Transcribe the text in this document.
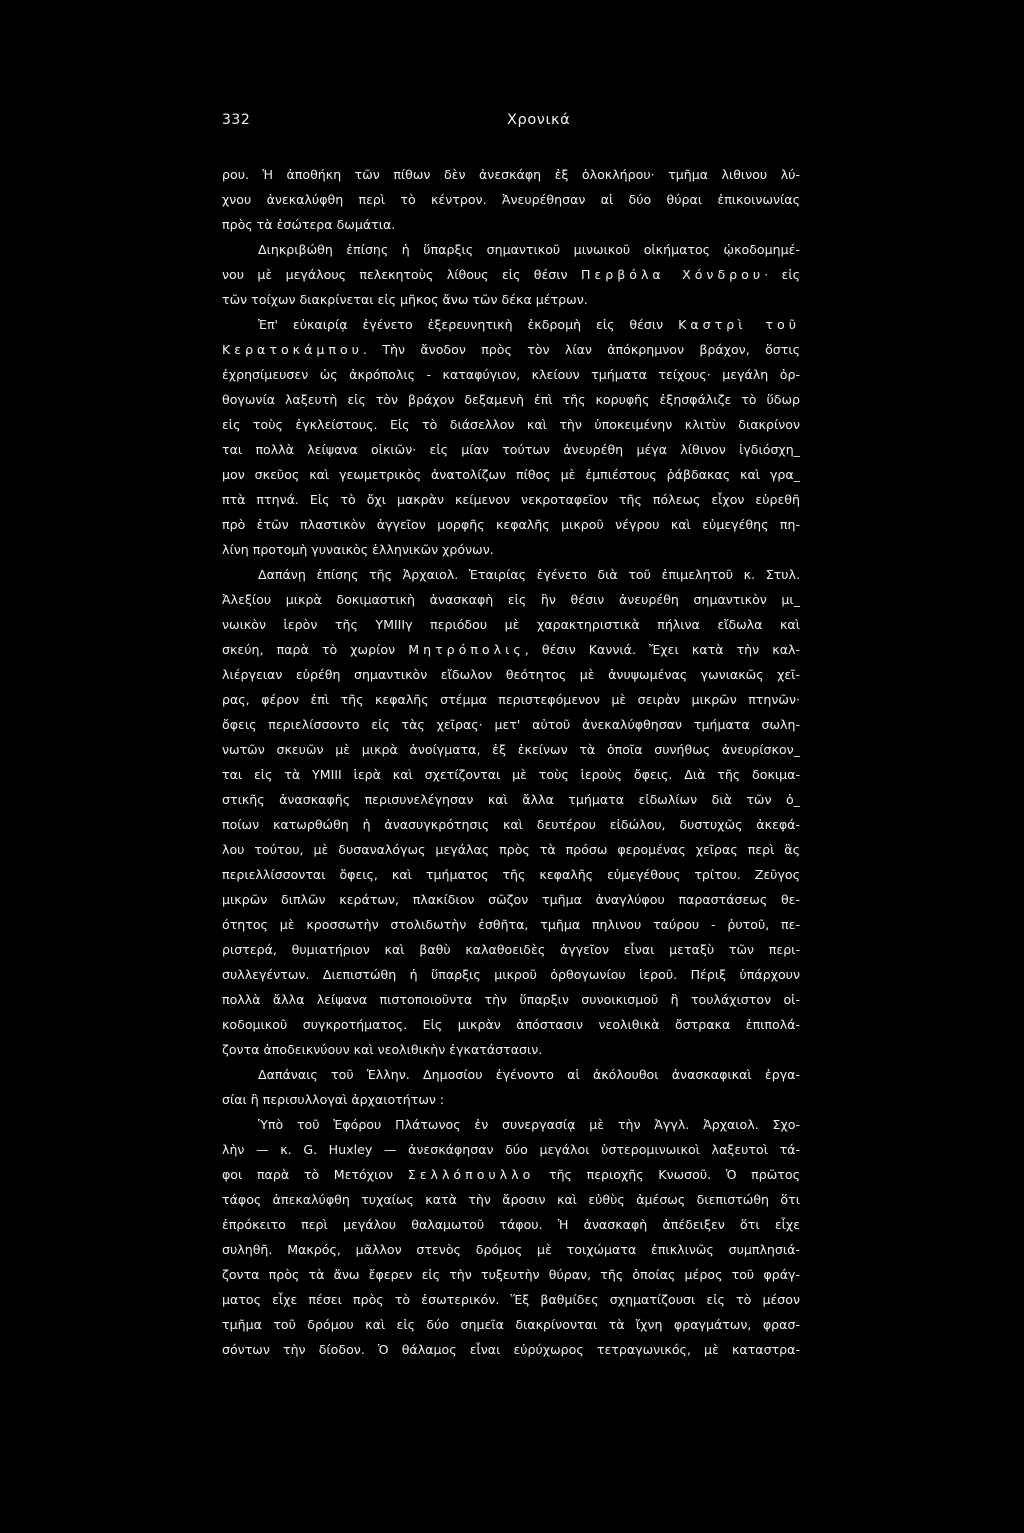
332	Χρονικά
ρου. Ἡ ἀποθήκη τῶν πίθων δὲν ἀνεσκάφη ἐξ ὁλοκλήρου· τμῆμα λιθινου λύ-
χνου ἀνεκαλύφθη περὶ τὸ κέντρον. Ἀνευρέθησαν αἱ δύο θύραι ἐπικοινωνίας
πρὸς τὰ ἐσώτερα δωμάτια.
Διηκριβώθη ἐπίσης ἡ ὕπαρξις σημαντικοῦ μινωικοῦ οἰκήματος ᾠκοδομημέ-
νου μὲ μεγάλους πελεκητοὺς λίθους εἰς θέσιν Περβόλα Χόνδρου· εἰς
τῶν τοίχων διακρίνεται εἰς μῆκος ἄνω τῶν δέκα μέτρων.
Ἐπ' εὐκαιρίᾳ ἐγένετο ἐξερευνητικὴ ἐκδρομὴ εἰς θέσιν Καστρὶ τοῦ
Κερατοκάμπου. Τὴν ἄνοδον πρὸς τὸν λίαν ἀπόκρημνον βράχον, ὅστις
ἐχρησίμευσεν ὡς ἀκρόπολις - καταφύγιον, κλείουν τμήματα τείχους· μεγάλη ὀρ-
θογωνία λαξευτὴ εἰς τὸν βράχον δεξαμενὴ ἐπὶ τῆς κορυφῆς ἐξησφάλιζε τὸ ὕδωρ
εἰς τοὺς ἐγκλείστους. Εἰς τὸ διάσελλον καὶ τὴν ὑποκειμένην κλιτὺν διακρίνον
ται πολλὰ λείψανα οἰκιῶν· εἰς μίαν τούτων ἀνευρέθη μέγα λίθινον ἰγδιόσχη_
μον σκεῦος καὶ γεωμετρικὸς ἀνατολίζων πίθος μὲ ἐμπιέστους ῥάβδακας καὶ γρα_
πτὰ πτηνά. Εἰς τὸ ὄχι μακρὰν κείμενον νεκροταφεῖον τῆς πόλεως εἶχον εὑρεθῆ
πρὸ ἐτῶν πλαστικὸν ἀγγεῖον μορφῆς κεφαλῆς μικροῦ νέγρου καὶ εὐμεγέθης πη-
λίνη προτομὴ γυναικὸς ἑλληνικῶν χρόνων.
Δαπάνῃ ἐπίσης τῆς Ἀρχαιολ. Ἑταιρίας ἐγένετο διὰ τοῦ ἐπιμελητοῦ κ. Στυλ.
Ἀλεξίου μικρὰ δοκιμαστικὴ ἀνασκαφὴ εἰς ἣν θέσιν ἀνευρέθη σημαντικὸν μι_
νωικὸν ἱερὸν τῆς ΥΜΙΙΙγ περιόδου μὲ χαρακτηριστικὰ πήλινα εἴδωλα καὶ
σκεύη, παρὰ τὸ χωρίον Μητρόπολις, θέσιν Καννιά. Ἔχει κατὰ τὴν καλ-
λιέργειαν εὑρέθη σημαντικὸν εἴδωλον θεότητος μὲ ἀνυψωμένας γωνιακῶς χεῖ-
ρας, φέρον ἐπὶ τῆς κεφαλῆς στέμμα περιστεφόμενον μὲ σειρὰν μικρῶν πτηνῶν·
ὄφεις περιελίσσοντο εἰς τὰς χεῖρας· μετ' αὐτοῦ ἀνεκαλύφθησαν τμήματα σωλη-
νωτῶν σκευῶν μὲ μικρὰ ἀνοίγματα, ἐξ ἐκείνων τὰ ὁποῖα συνήθως ἀνευρίσκον_
ται εἰς τὰ ΥΜΙΙΙ ἱερὰ καὶ σχετίζονται μὲ τοὺς ἱεροὺς ὄφεις. Διὰ τῆς δοκιμα-
στικῆς ἀνασκαφῆς περισυνελέγησαν καὶ ἄλλα τμήματα εἰδωλίων διὰ τῶν ὁ_
ποίων κατωρθώθη ἡ ἀνασυγκρότησις καὶ δευτέρου εἰδώλου, δυστυχῶς ἀκεφά-
λου τούτου, μὲ δυσαναλόγως μεγάλας πρὸς τὰ πρόσω φερομένας χεῖρας περὶ ἃς
περιελλίσσονται ὄφεις, καὶ τμήματος τῆς κεφαλῆς εὐμεγέθους τρίτου. Ζεῦγος
μικρῶν διπλῶν κεράτων, πλακίδιον σῶζον τμῆμα ἀναγλύφου παραστάσεως θε-
ότητος μὲ κροσσωτὴν στολιδωτὴν ἐσθῆτα, τμῆμα πηλινου ταύρου - ῥυτοῦ, πε-
ριστερά, θυμιατήριον καὶ βαθὺ καλαθοειδὲς ἀγγεῖον εἶναι μεταξὺ τῶν περι-
συλλεγέντων. Διεπιστώθη ἡ ὕπαρξις μικροῦ ὀρθογωνίου ἱεροῦ. Πέριξ ὑπάρχουν
πολλὰ ἄλλα λείψανα πιστοποιοῦντα τὴν ὕπαρξιν συνοικισμοῦ ἢ τουλάχιστον οἰ-
κοδομικοῦ συγκροτήματος. Εἰς μικρὰν ἀπόστασιν νεολιθικὰ ὄστρακα ἐπιπολά-
ζοντα ἀποδεικνύουν καὶ νεολιθικὴν ἐγκατάστασιν.
Δαπάναις τοῦ Ἑλλην. Δημοσίου ἐγένοντο αἱ ἀκόλουθοι ἀνασκαφικαὶ ἐργα-
σίαι ἢ περισυλλογαὶ ἀρχαιοτήτων :
Ὑπὸ τοῦ Ἐφόρου Πλάτωνος ἐν συνεργασίᾳ μὲ τὴν Ἀγγλ. Ἀρχαιολ. Σχο-
λὴν — κ. G. Huxley — ἀνεσκάφησαν δύο μεγάλοι ὑστερομινωικοὶ λαξευτοὶ τά-
φοι παρὰ τὸ Μετόχιον Σελλόπουλλο τῆς περιοχῆς Κνωσοῦ. Ὁ πρῶτος
τάφος ἀπεκαλύφθη τυχαίως κατὰ τὴν ἄροσιν καὶ εὐθὺς ἀμέσως διεπιστώθη ὅτι
ἐπρόκειτο περὶ μεγάλου θαλαμωτοῦ τάφου. Ἡ ἀνασκαφὴ ἀπέδειξεν ὅτι εἶχε
συληθῆ. Μακρός, μᾶλλον στενὸς δρόμος μὲ τοιχώματα ἐπικλινῶς συμπλησιά-
ζοντα πρὸς τὰ ἄνω ἔφερεν εἰς τὴν τυξευτὴν θύραν, τῆς ὁποίας μέρος τοῦ φράγ-
ματος εἶχε πέσει πρὸς τὸ ἐσωτερικόν. Ἕξ βαθμίδες σχηματίζουσι εἰς τὸ μέσον
τμῆμα τοῦ δρόμου καὶ εἰς δύο σημεῖα διακρίνονται τὰ ἴχνη φραγμάτων, φρασ-
σόντων τὴν δίοδον. Ὁ θάλαμος εἶναι εὐρύχωρος τετραγωνικός, μὲ καταστρα-
